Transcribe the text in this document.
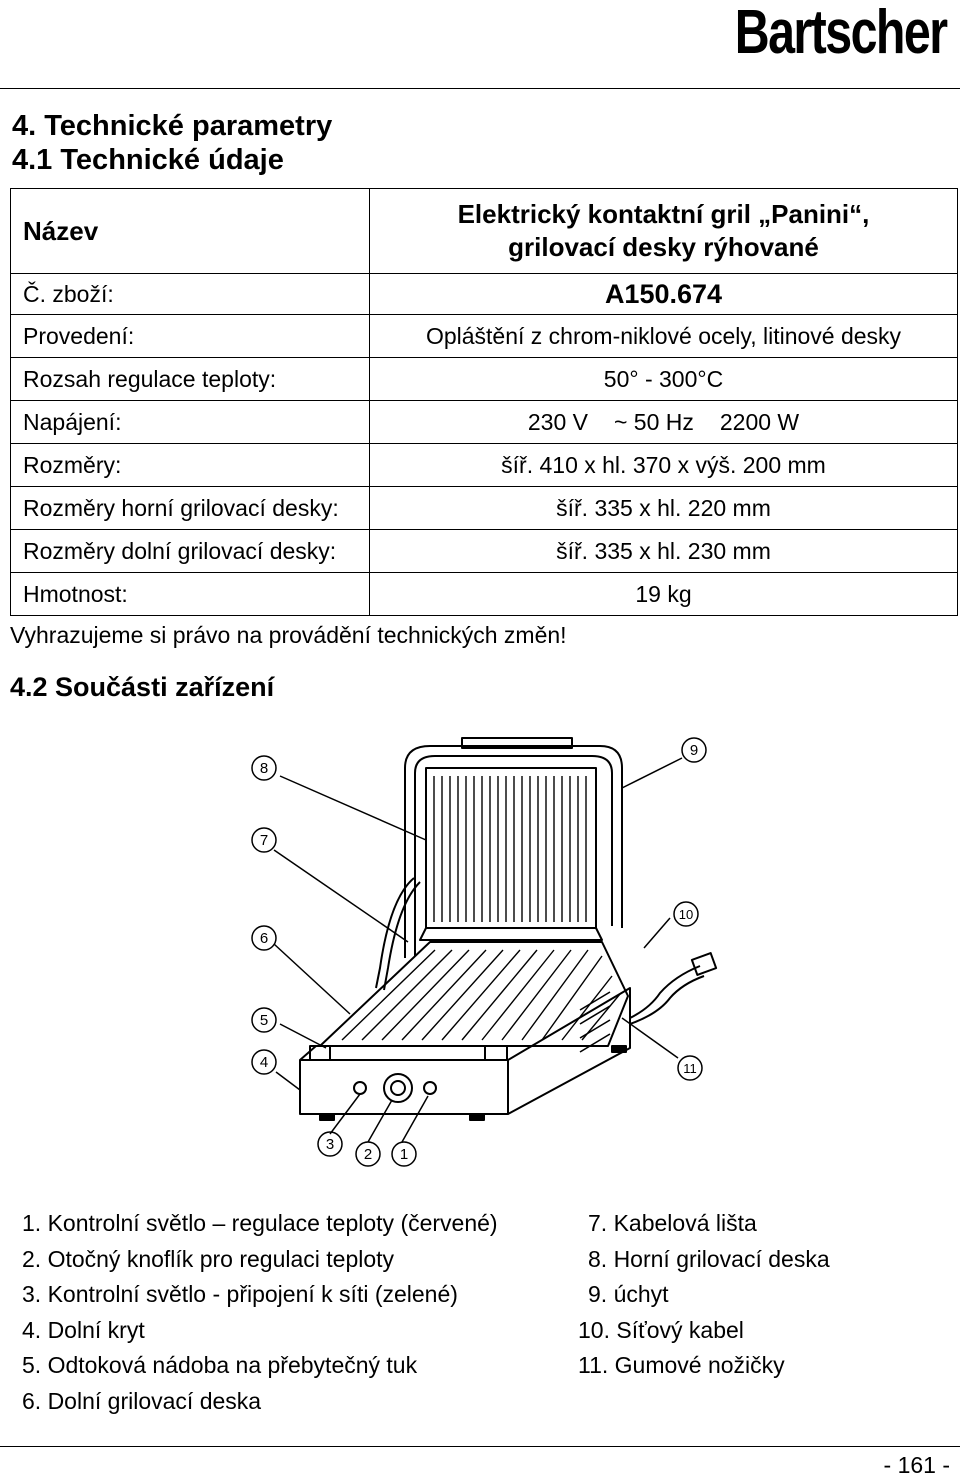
Bartscher
4. Technické parametry
4.1 Technické údaje
Název	Elektrický kontaktní gril „Panini“,
grilovací desky rýhované

Č. zboží:	A150.674
Provedení:	Opláštění z chrom-niklové ocely, litinové desky
Rozsah regulace teploty:	50° - 300°C
Napájení:	230 V ~ 50 Hz 2200 W
Rozměry:	šíř. 410 x hl. 370 x výš. 200 mm
Rozměry horní grilovací desky:	šíř. 335 x hl. 220 mm
Rozměry dolní grilovací desky:	šíř. 335 x hl. 230 mm
Hmotnost:	19 kg
Vyhrazujeme si právo na provádění technických změn!
4.2 Součásti zařízení
8
7
6
5
4
9
10
11
3
2 1
1. Kontrolní světlo – regulace teploty (červené)
2. Otočný knoflík pro regulaci teploty
3. Kontrolní světlo - připojení k síti (zelené)
4. Dolní kryt
5. Odtoková nádoba na přebytečný tuk
6. Dolní grilovací deska
7. Kabelová lišta
8. Horní grilovací deska
9. úchyt
10. Síťový kabel
11. Gumové nožičky
- 161 -
